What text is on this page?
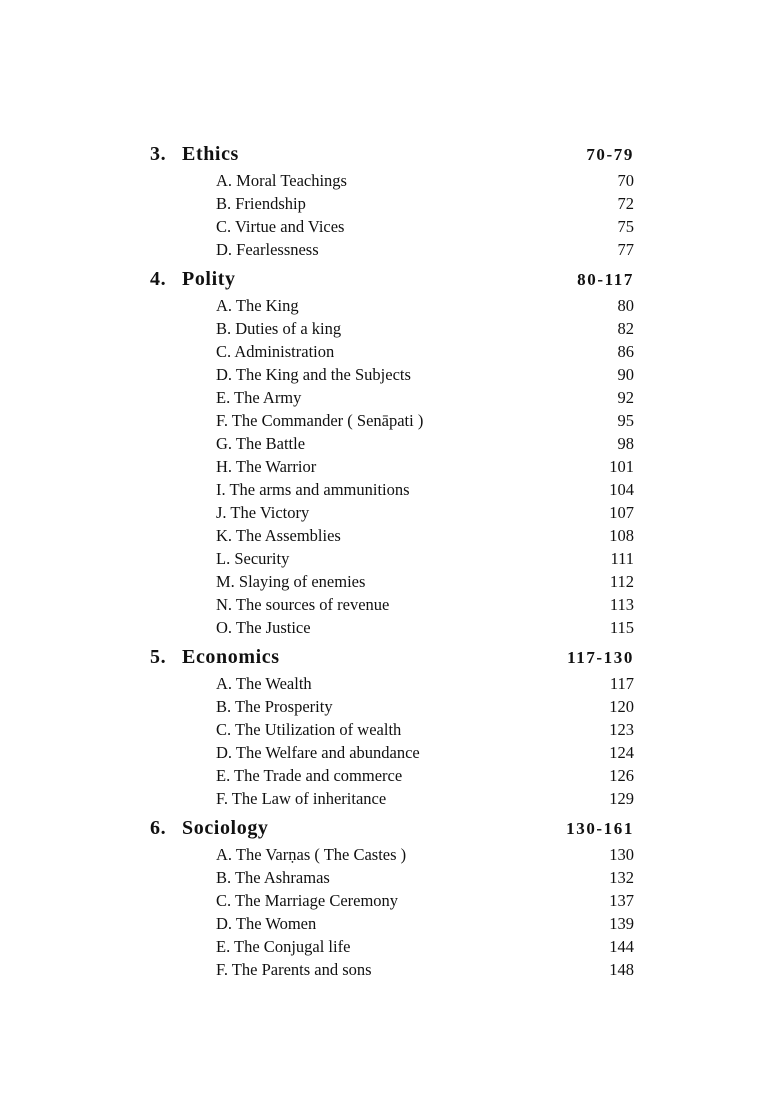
3. Ethics	70-79
A. Moral Teachings	70
B. Friendship	72
C. Virtue and Vices	75
D. Fearlessness	77
4. Polity	80-117
A. The King	80
B. Duties of a king	82
C. Administration	86
D. The King and the Subjects	90
E. The Army	92
F. The Commander ( Senāpati )	95
G. The Battle	98
H. The Warrior	101
I. The arms and ammunitions	104
J. The Victory	107
K. The Assemblies	108
L. Security	111
M. Slaying of enemies	112
N. The sources of revenue	113
O. The Justice	115
5. Economics	117-130
A. The Wealth	117
B. The Prosperity	120
C. The Utilization of wealth	123
D. The Welfare and abundance	124
E. The Trade and commerce	126
F. The Law of inheritance	129
6. Sociology	130-161
A. The Varṇas ( The Castes )	130
B. The Ashramas	132
C. The Marriage Ceremony	137
D. The Women	139
E. The Conjugal life	144
F. The Parents and sons	148
